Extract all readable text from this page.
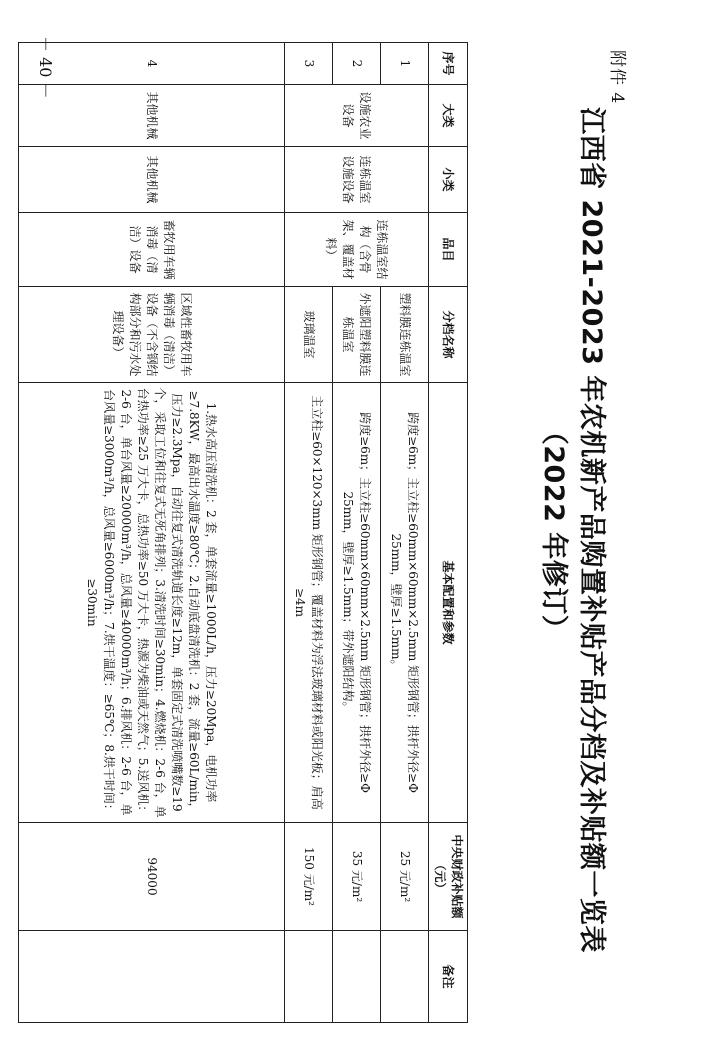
附件 4
江西省 2021-2023 年农机新产品购置补贴产品分档及补贴额一览表
（2022 年修订）
序号	大类	小类	品目	分档名称	基本配置和参数	中央财政补贴额（元）	备注
1	设施农业设备	连栋温室设施设备	连栋温室结构（含骨架、覆盖材料）	塑料膜连栋温室	跨度≥6m；主立柱≥60mm×60mm×2.5mm 矩形钢管；拱杆外径≥Φ 25mm，壁厚≥1.5mm。	25 元/m²	
2				外遮阳塑料膜连栋温室	跨度≥6m；主立柱≥60mm×60mm×2.5mm 矩形钢管；拱杆外径≥Φ 25mm，壁厚≥1.5mm；带外遮阳结构。	35 元/m²	
3				玻璃温室	主立柱≥60×120×3mm 矩形钢管；覆盖材料为浮法玻璃材料或阳光板；肩高≥4m	150 元/m²	
4	其他机械	其他机械	畜牧用车辆消毒（清洁）设备	区域性畜牧用车辆消毒（清洁）设备（不含钢结构部分和污水处理设备）	1.热水高压清洗机：2 套，单套流量≥1000L/h，压力≥20Mpa，电机功率≥7.8KW，最高出水温度≥80℃；2.自动底盘清洗机：2 套，流量≥60L/min，压力≥2.3Mpa，自动往复式清洗轨道长度≥12m，单套固定式清洗喷嘴数≥19 个，采取工位和往复式无死角排列；3.清洗时间≥30min；4.燃烧机：2-6 台，单台热功率≥25 万大卡，总热功率≥50 万大卡，热源为柴油或天然气；5.送风机：2-6 台，单台风量≥20000m³/h，总风量≥40000m³/h；6.排风机：2-6 台，单台风量≥3000m³/h，总风量≥6000m³/h；7.烘干温度：≥65℃；8.烘干时间：≥30min	94000	
－ 40 －
